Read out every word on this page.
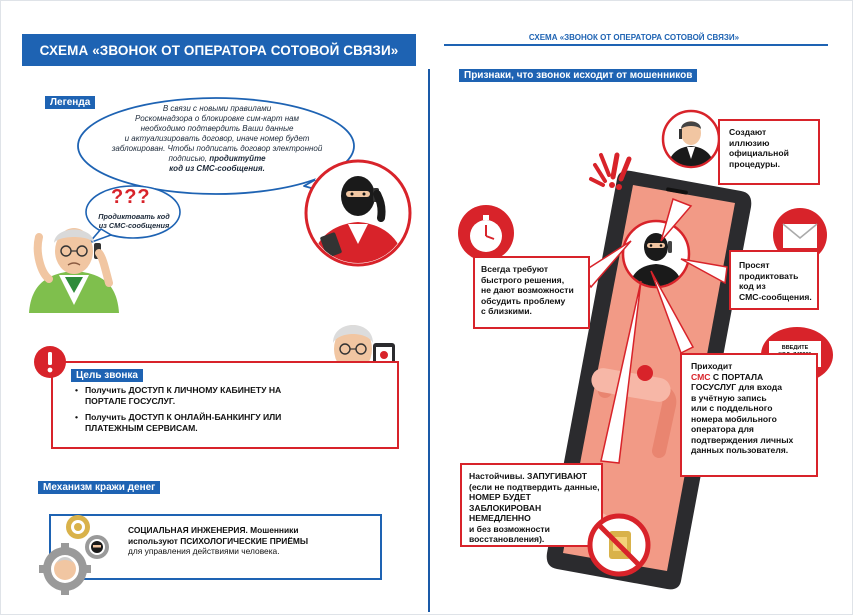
СХЕМА «ЗВОНОК ОТ ОПЕРАТОРА СОТОВОЙ СВЯЗИ»
Легенда
В связи с новыми правилами
Роскомнадзора о блокировке сим-карт нам
необходимо подтвердить Ваши данные
и актуализировать договор, иначе номер будет
заблокирован. Чтобы подписать договор электронной
подписью, продиктуйте
код из СМС-сообщения.
???
Продиктовать код
из СМС-сообщения
Цель звонка
• Получить ДОСТУП К ЛИЧНОМУ КАБИНЕТУ НА ПОРТАЛЕ ГОСУСЛУГ.
• Получить ДОСТУП К ОНЛАЙН-БАНКИНГУ ИЛИ ПЛАТЕЖНЫМ СЕРВИСАМ.
Механизм кражи денег
СОЦИАЛЬНАЯ ИНЖЕНЕРИЯ. Мошенники
используют ПСИХОЛОГИЧЕСКИЕ ПРИЁМЫ
для управления действиями человека.
СХЕМА «ЗВОНОК ОТ ОПЕРАТОРА СОТОВОЙ СВЯЗИ»
Признаки, что звонок исходит от мошенников
Создают
иллюзию
официальной
процедуры.
Всегда требуют
быстрого решения,
не дают возможности
обсудить проблему
с близкими.
Просят
продиктовать
код из
СМС-сообщения.
ВВЕДИТЕ
Приходит
СМС С ПОРТАЛА
ГОСУСЛУГ для входа
в учётную запись
или с поддельного
номера мобильного
оператора для
подтверждения личных
данных пользователя.
Настойчивы. ЗАПУГИВАЮТ
(если не подтвердить данные,
НОМЕР БУДЕТ ЗАБЛОКИРОВАН
НЕМЕДЛЕННО
и без возможности
восстановления).
